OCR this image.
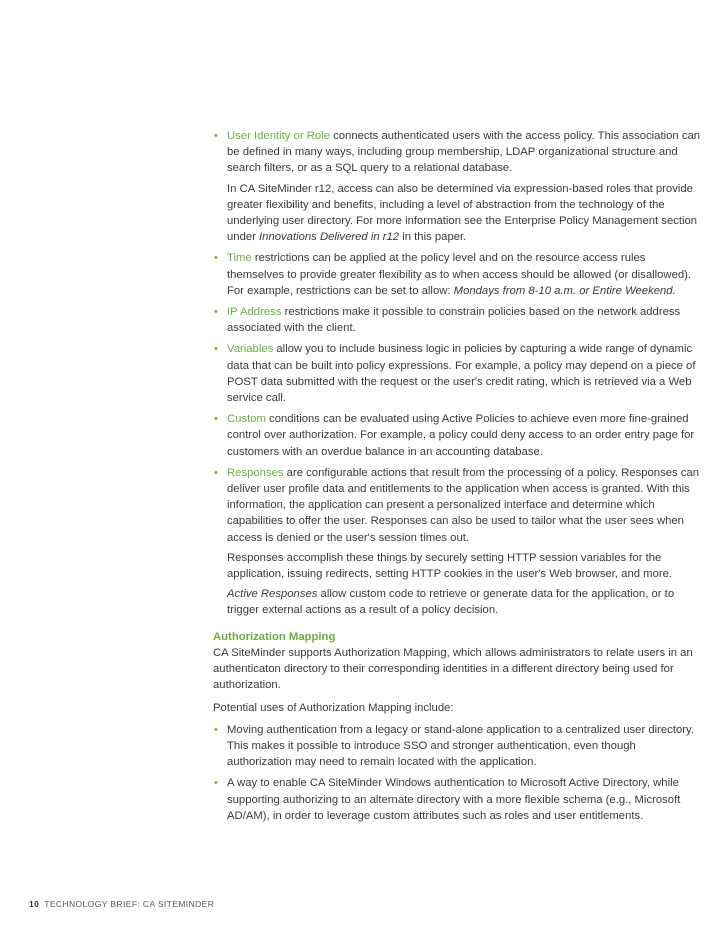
• User Identity or Role connects authenticated users with the access policy. This association can be defined in many ways, including group membership, LDAP organizational structure and search filters, or as a SQL query to a relational database.

In CA SiteMinder r12, access can also be determined via expression-based roles that provide greater flexibility and benefits, including a level of abstraction from the technology of the underlying user directory. For more information see the Enterprise Policy Management section under Innovations Delivered in r12 in this paper.

• Time restrictions can be applied at the policy level and on the resource access rules themselves to provide greater flexibility as to when access should be allowed (or disallowed). For example, restrictions can be set to allow: Mondays from 8-10 a.m. or Entire Weekend.
• IP Address restrictions make it possible to constrain policies based on the network address associated with the client.
• Variables allow you to include business logic in policies by capturing a wide range of dynamic data that can be built into policy expressions. For example, a policy may depend on a piece of POST data submitted with the request or the user's credit rating, which is retrieved via a Web service call.
• Custom conditions can be evaluated using Active Policies to achieve even more fine-grained control over authorization. For example, a policy could deny access to an order entry page for customers with an overdue balance in an accounting database.
• Responses are configurable actions that result from the processing of a policy. Responses can deliver user profile data and entitlements to the application when access is granted. With this information, the application can present a personalized interface and determine which capabilities to offer the user. Responses can also be used to tailor what the user sees when access is denied or the user's session times out.

Responses accomplish these things by securely setting HTTP session variables for the application, issuing redirects, setting HTTP cookies in the user's Web browser, and more.

Active Responses allow custom code to retrieve or generate data for the application, or to trigger external actions as a result of a policy decision.

Authorization Mapping

CA SiteMinder supports Authorization Mapping, which allows administrators to relate users in an authenticaton directory to their corresponding identities in a different directory being used for authorization.

Potential uses of Authorization Mapping include:

• Moving authentication from a legacy or stand-alone application to a centralized user directory. This makes it possible to introduce SSO and stronger authentication, even though authorization may need to remain located with the application.
• A way to enable CA SiteMinder Windows authentication to Microsoft Active Directory, while supporting authorizing to an alternate directory with a more flexible schema (e.g., Microsoft AD/AM), in order to leverage custom attributes such as roles and user entitlements.
10 TECHNOLOGY BRIEF: CA SITEMINDER
